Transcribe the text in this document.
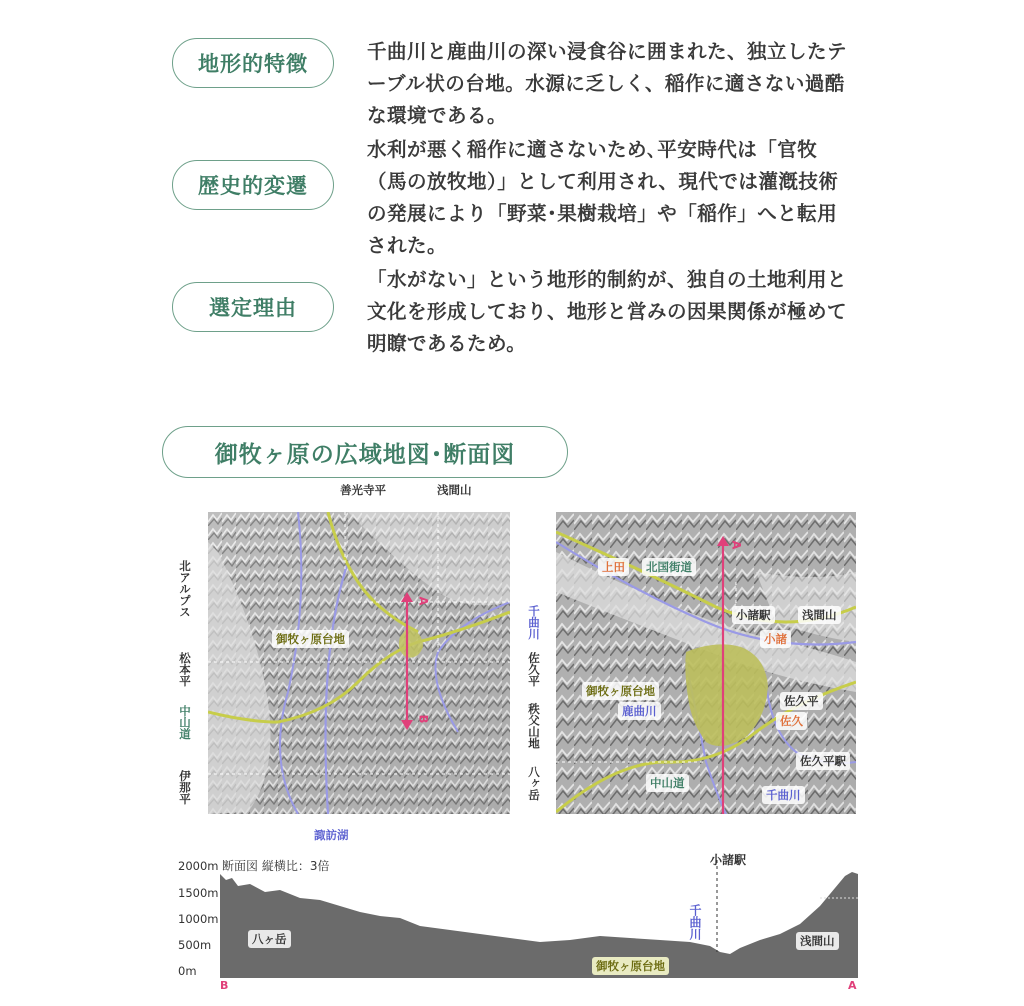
地形的特徴
千曲川と鹿曲川の深い浸食谷に囲まれた、独立したテーブル状の台地。水源に乏しく、稲作に適さない過酷な環境である。
歴史的変遷
水利が悪く稲作に適さないため､平安時代は「官牧（馬の放牧地）」として利用され、現代では灌漑技術の発展により「野菜･果樹栽培」や「稲作」へと転用された。
選定理由
「水がない」という地形的制約が、独自の土地利用と文化を形成しており、地形と営みの因果関係が極めて明瞭であるため。
御牧ヶ原の広域地図･断面図
善光寺平	浅間山
北アルプス
松本平
中山道
伊那平
千曲川
佐久平
秩父山地
八ヶ岳
諏訪湖
御牧ヶ原台地
A
B
A
上田	北国街道
小諸駅	浅間山
小諸
御牧ヶ原台地
鹿曲川
佐久平
佐久
佐久平駅
中山道
千曲川
2000m
1500m
1000m
500m
0m
断面図 縦横比：3倍	小諸駅
千曲川
八ヶ岳	浅間山
御牧ヶ原台地
B	A
